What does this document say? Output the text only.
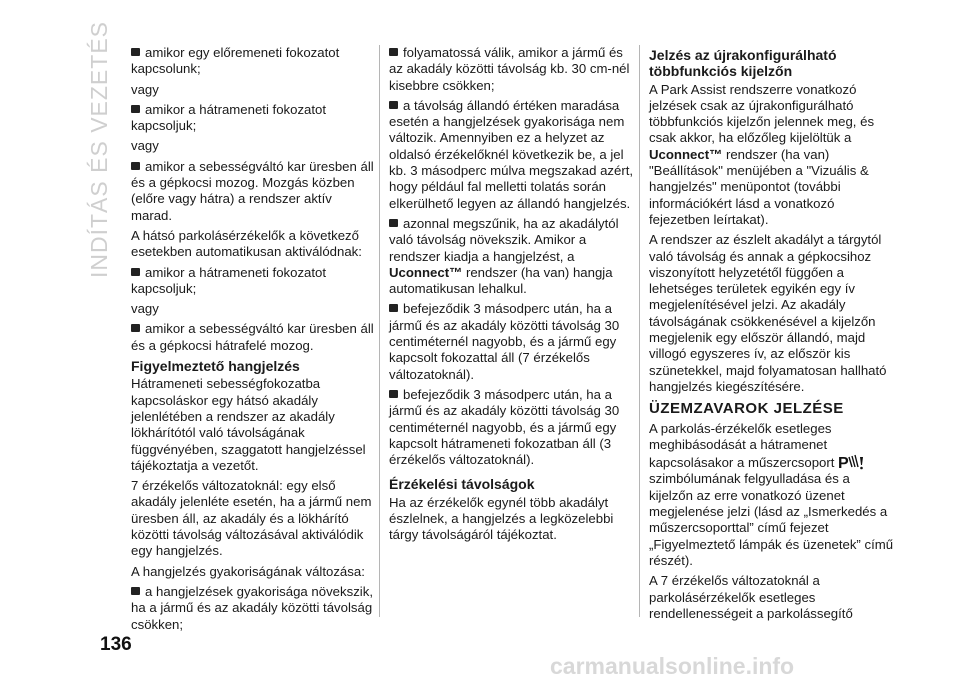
INDÍTÁS ÉS VEZETÉS	amikor egy előremeneti fokozatot kapcsolunk;

vagy

amikor a hátrameneti fokozatot kapcsoljuk;

vagy

amikor a sebességváltó kar üresben áll és a gépkocsi mozog. Mozgás közben (előre vagy hátra) a rendszer aktív marad.

A hátsó parkolásérzékelők a következő esetekben automatikusan aktiválódnak:

amikor a hátrameneti fokozatot kapcsoljuk;

vagy

amikor a sebességváltó kar üresben áll és a gépkocsi hátrafelé mozog.

Figyelmeztető hangjelzés

Hátrameneti sebességfokozatba kapcsoláskor egy hátsó akadály jelenlétében a rendszer az akadály lökhárítótól való távolságának függvényében, szaggatott hangjelzéssel tájékoztatja a vezetőt.

7 érzékelős változatoknál: egy első akadály jelenléte esetén, ha a jármű nem üresben áll, az akadály és a lökhárító közötti távolság változásával aktiválódik egy hangjelzés.

A hangjelzés gyakoriságának változása:

a hangjelzések gyakorisága növekszik, ha a jármű és az akadály közötti távolság csökken;

folyamatossá válik, amikor a jármű és az akadály közötti távolság kb. 30 cm-nél kisebbre csökken;

a távolság állandó értéken maradása esetén a hangjelzések gyakorisága nem változik. Amennyiben ez a helyzet az oldalsó érzékelőknél következik be, a jel kb. 3 másodperc múlva megszakad azért, hogy például fal melletti tolatás során elkerülhető legyen az állandó hangjelzés.

azonnal megszűnik, ha az akadálytól való távolság növekszik. Amikor a rendszer kiadja a hangjelzést, a Uconnect™ rendszer (ha van) hangja automatikusan lehalkul.

befejeződik 3 másodperc után, ha a jármű és az akadály közötti távolság 30 centiméternél nagyobb, és a jármű egy kapcsolt fokozattal áll (7 érzékelős változatoknál).

befejeződik 3 másodperc után, ha a jármű és az akadály közötti távolság 30 centiméternél nagyobb, és a jármű egy kapcsolt hátrameneti fokozatban áll (3 érzékelős változatoknál).

Érzékelési távolságok

Ha az érzékelők egynél több akadályt észlelnek, a hangjelzés a legközelebbi tárgy távolságáról tájékoztat.

Jelzés az újrakonfigurálható többfunkciós kijelzőn

A Park Assist rendszerre vonatkozó jelzések csak az újrakonfigurálható többfunkciós kijelzőn jelennek meg, és csak akkor, ha előzőleg kijelöltük a Uconnect™ rendszer (ha van) "Beállítások" menüjében a "Vizuális & hangjelzés" menüpontot (további információkért lásd a vonatkozó fejezetben leírtakat).

A rendszer az észlelt akadályt a tárgytól való távolság és annak a gépkocsihoz viszonyított helyzetétől függően a lehetséges területek egyikén egy ív megjelenítésével jelzi. Az akadály távolságának csökkenésével a kijelzőn megjelenik egy először állandó, majd villogó egyszeres ív, az először kis szünetekkel, majd folyamatosan hallható hangjelzés kiegészítésére.

ÜZEMZAVAROK JELZÉSE

A parkolás-érzékelők esetleges meghibásodását a hátramenet kapcsolásakor a műszercsoport P
szimbólumának felgyulladása és a kijelzőn az erre vonatkozó üzenet megjelenése jelzi (lásd az „Ismerkedés a műszercsoporttal” című fejezet „Figyelmeztető lámpák és üzenetek” című részét).

A 7 érzékelős változatoknál a parkolásérzékelők esetleges rendellenességeit a parkolássegítő

136
carmanualsonline.info
